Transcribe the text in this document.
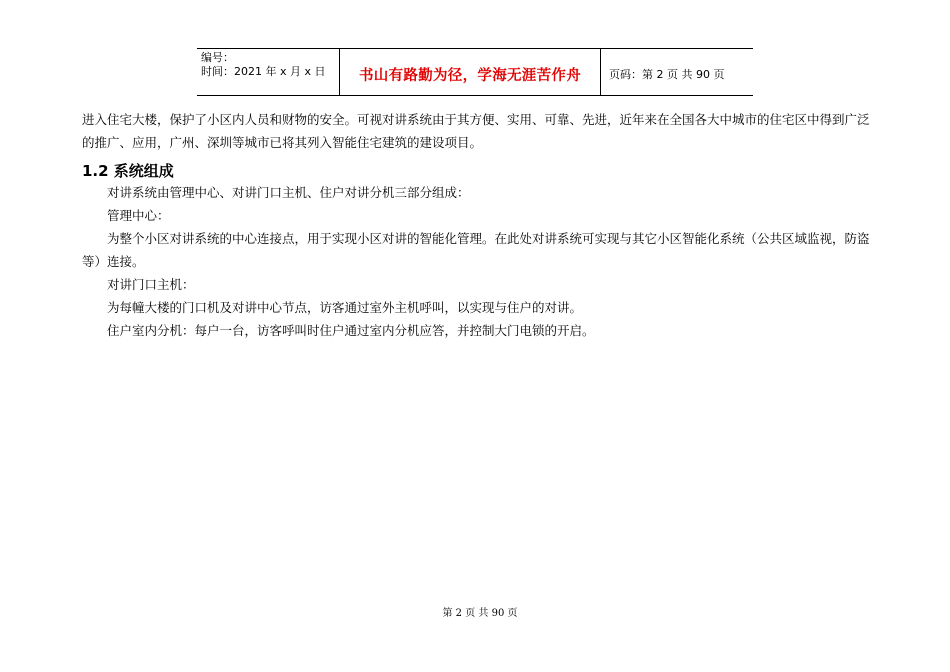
编号：
时间：2021 年 x 月 x 日	书山有路勤为径，学海无涯苦作舟	页码：第 2 页 共 90 页

进入住宅大楼，保护了小区内人员和财物的安全。可视对讲系统由于其方便、实用、可靠、先进，近年来在全国各大中城市的住宅区中得到广泛的推广、应用，广州、深圳等城市已将其列入智能住宅建筑的建设项目。

1.2 系统组成

对讲系统由管理中心、对讲门口主机、住户对讲分机三部分组成：

管理中心：

为整个小区对讲系统的中心连接点，用于实现小区对讲的智能化管理。在此处对讲系统可实现与其它小区智能化系统（公共区域监视，防盗等）连接。

对讲门口主机：

为每幢大楼的门口机及对讲中心节点，访客通过室外主机呼叫，以实现与住户的对讲。

住户室内分机：每户一台，访客呼叫时住户通过室内分机应答，并控制大门电锁的开启。

第 2 页 共 90 页
